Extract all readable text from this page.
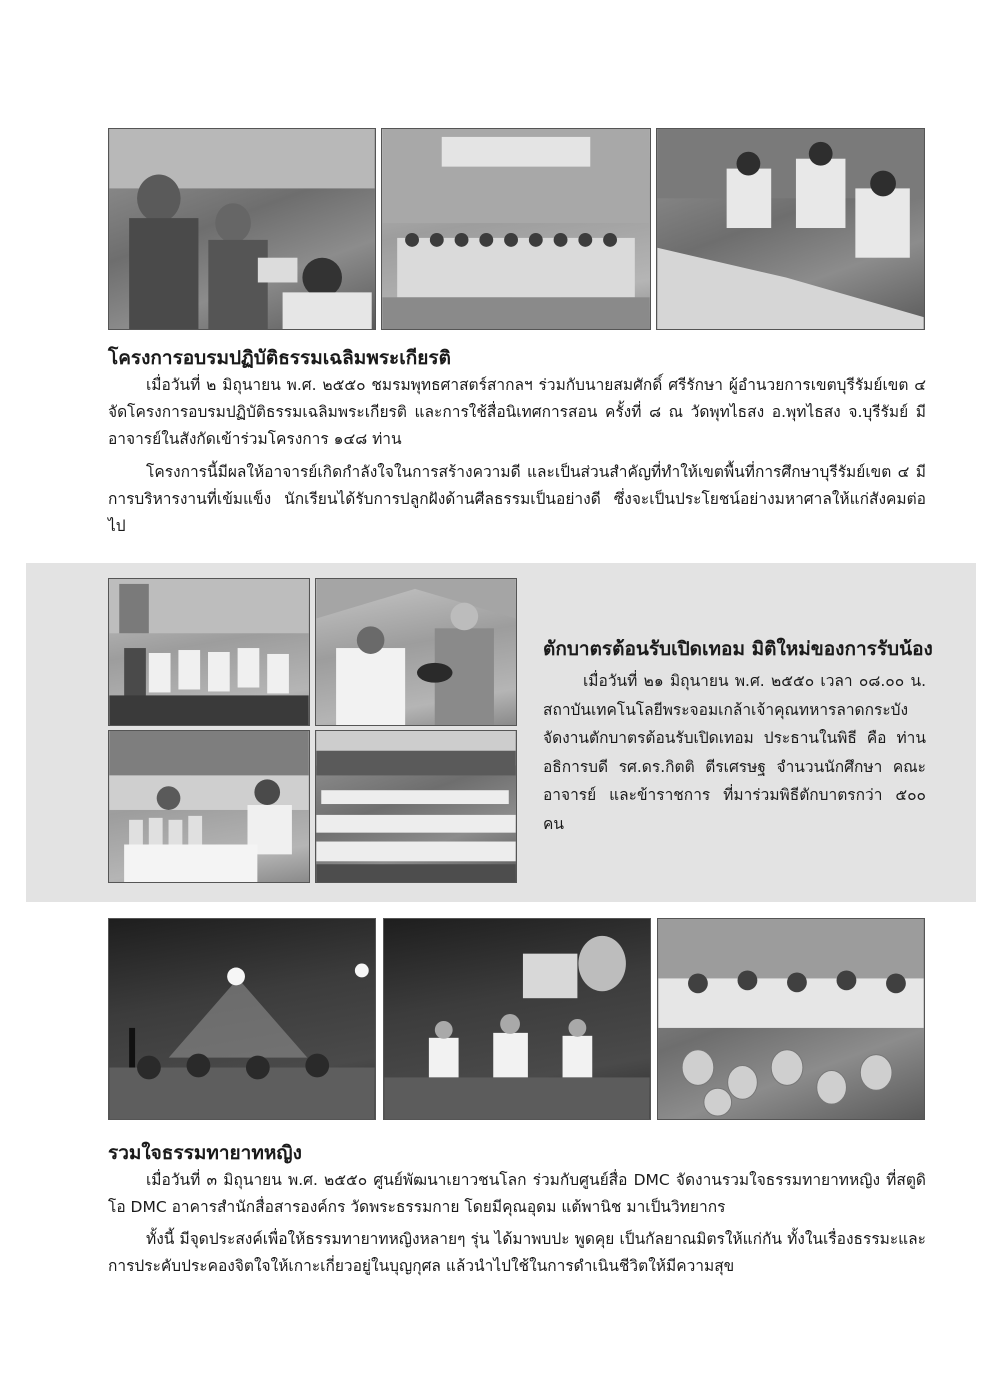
โครงการอบรมปฏิบัติธรรมเฉลิมพระเกียรติ

เมื่อวันที่ ๒ มิถุนายน พ.ศ. ๒๕๕๐ ชมรมพุทธศาสตร์สากลฯ ร่วมกับนายสมศักดิ์ ศรีรักษา ผู้อำนวยการเขตบุรีรัมย์เขต ๔ จัดโครงการอบรมปฏิบัติธรรมเฉลิมพระเกียรติ และการใช้สื่อนิเทศการสอน ครั้งที่ ๘ ณ วัดพุทไธสง อ.พุทไธสง จ.บุรีรัมย์ มีอาจารย์ในสังกัดเข้าร่วมโครงการ ๑๔๘ ท่าน

โครงการนี้มีผลให้อาจารย์เกิดกำลังใจในการสร้างความดี และเป็นส่วนสำคัญที่ทำให้เขตพื้นที่การศึกษาบุรีรัมย์เขต ๔ มีการบริหารงานที่เข้มแข็ง นักเรียนได้รับการปลูกฝังด้านศีลธรรมเป็นอย่างดี ซึ่งจะเป็นประโยชน์อย่างมหาศาลให้แก่สังคมต่อไป

ตักบาตรต้อนรับเปิดเทอม มิติใหม่ของการรับน้อง

เมื่อวันที่ ๒๑ มิถุนายน พ.ศ. ๒๕๕๐ เวลา ๐๘.๐๐ น. สถาบันเทคโนโลยีพระจอมเกล้าเจ้าคุณทหารลาดกระบัง จัดงานตักบาตรต้อนรับเปิดเทอม ประธานในพิธี คือ ท่านอธิการบดี รศ.ดร.กิตติ ตีรเศรษฐ จำนวนนักศึกษา คณะอาจารย์ และข้าราชการ ที่มาร่วมพิธีตักบาตรกว่า ๕๐๐ คน

รวมใจธรรมทายาทหญิง

เมื่อวันที่ ๓ มิถุนายน พ.ศ. ๒๕๕๐ ศูนย์พัฒนาเยาวชนโลก ร่วมกับศูนย์สื่อ DMC จัดงานรวมใจธรรมทายาทหญิง ที่สตูดิโอ DMC อาคารสำนักสื่อสารองค์กร วัดพระธรรมกาย โดยมีคุณอุดม แต้พานิช มาเป็นวิทยากร

ทั้งนี้ มีจุดประสงค์เพื่อให้ธรรมทายาทหญิงหลายๆ รุ่น ได้มาพบปะ พูดคุย เป็นกัลยาณมิตรให้แก่กัน ทั้งในเรื่องธรรมะและการประคับประคองจิตใจให้เกาะเกี่ยวอยู่ในบุญกุศล แล้วนำไปใช้ในการดำเนินชีวิตให้มีความสุข
